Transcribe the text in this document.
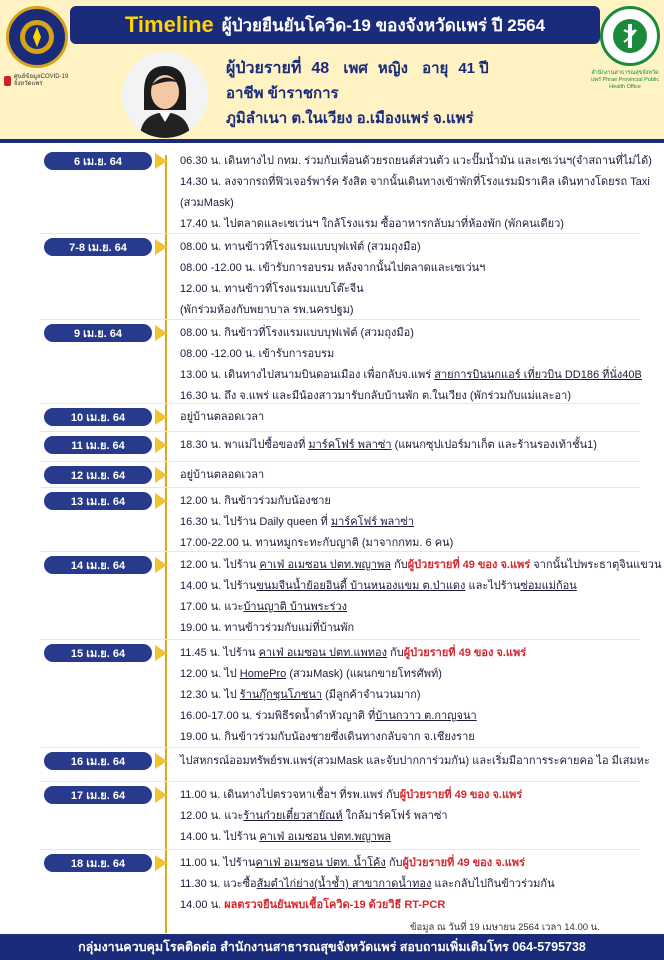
ศูนย์ข้อมูลCOVID-19 จังหวัดแพร่
Timeline ผู้ป่วยยืนยันโควิด-19 ของจังหวัดแพร่ ปี 2564
สำนักงานสาธารณสุขจังหวัดแพร่ Phrae Provincial Public Health Office
ผู้ป่วยรายที่ 48 เพศ หญิง อายุ 41 ปี
อาชีพ ข้าราชการ
ภูมิลำเนา ต.ในเวียง อ.เมืองแพร่ จ.แพร่
6 เม.ย. 64	06.30 น. เดินทางไป กทม. ร่วมกับเพื่อนด้วยรถยนต์ส่วนตัว แวะปั๊มน้ำมัน และเซเว่นฯ(จำสถานที่ไม่ได้)
14.30 น. ลงจากรถที่ฟิวเจอร์พาร์ค รังสิต จากนั้นเดินทางเข้าพักที่โรงแรมมิราเคิล เดินทางโดยรถ Taxi
(สวมMask)
17.40 น. ไปตลาดและเซเว่นฯ ใกล้โรงแรม ซื้ออาหารกลับมาที่ห้องพัก (พักคนเดียว)
7-8 เม.ย. 64	08.00 น. ทานข้าวที่โรงแรมแบบบุฟเฟ่ต์ (สวมถุงมือ)
08.00 -12.00 น. เข้ารับการอบรม หลังจากนั้นไปตลาดและเซเว่นฯ
12.00 น. ทานข้าวที่โรงแรมแบบโต๊ะจีน
(พักร่วมห้องกับพยาบาล รพ.นครปฐม)
9 เม.ย. 64	08.00 น. กินข้าวที่โรงแรมแบบบุฟเฟ่ต์ (สวมถุงมือ)
08.00 -12.00 น. เข้ารับการอบรม
13.00 น. เดินทางไปสนามบินดอนเมือง เพื่อกลับจ.แพร่ สายการบินนกแอร์ เที่ยวบิน DD186 ที่นั่ง40B
16.30 น. ถึง จ.แพร่ และมีน้องสาวมารับกลับบ้านพัก ต.ในเวียง (พักร่วมกับแม่และอา)
10 เม.ย. 64	อยู่บ้านตลอดเวลา
11 เม.ย. 64	18.30 น. พาแม่ไปซื้อของที่ มาร์คโฟร์ พลาซ่า (แผนกซุปเปอร์มาเก็ต และร้านรองเท้าชั้น1)
12 เม.ย. 64	อยู่บ้านตลอดเวลา
13 เม.ย. 64	12.00 น. กินข้าวร่วมกับน้องชาย
16.30 น. ไปร้าน Daily queen ที่ มาร์คโฟร์ พลาซ่า
17.00-22.00 น. ทานหมูกระทะกับญาติ (มาจากกทม. 6 คน)
14 เม.ย. 64	12.00 น. ไปร้าน คาเฟ่ อเมซอน ปตท.พญาพล กับผู้ป่วยรายที่ 49 ของ จ.แพร่ จากนั้นไปพระธาตุจินแขวน
14.00 น. ไปร้านขนมจีนน้ำย้อยอินดี้ บ้านหนองแขม ต.ป่าแดง และไปร้านซ่อมแม่ก้อน
17.00 น. แวะบ้านญาติ บ้านพระร่วง
19.00 น. ทานข้าวร่วมกับแม่ที่บ้านพัก
15 เม.ย. 64	11.45 น. ไปร้าน คาเฟ่ อเมซอน ปตท.แพทอง กับผู้ป่วยรายที่ 49 ของ จ.แพร่
12.00 น. ไป HomePro (สวมMask) (แผนกขายโทรศัพท์)
12.30 น. ไป ร้านกุ๊กชุนโภชนา (มีลูกค้าจำนวนมาก)
16.00-17.00 น. ร่วมพิธีรดน้ำดำหัวญาติ ที่บ้านกวาว ต.กาญจนา
19.00 น. กินข้าวร่วมกับน้องชายซึ่งเดินทางกลับจาก จ.เชียงราย
16 เม.ย. 64	ไปสหกรณ์ออมทรัพย์รพ.แพร่(สวมMask และจับปากการ่วมกัน) และเริ่มมีอาการระคายคอ ไอ มีเสมหะ
17 เม.ย. 64	11.00 น. เดินทางไปตรวจหาเชื้อฯ ที่รพ.แพร่ กับผู้ป่วยรายที่ 49 ของ จ.แพร่
12.00 น. แวะร้านก๋วยเตี๋ยวสายัณห์ ใกล้มาร์คโฟร์ พลาซ่า
14.00 น. ไปร้าน คาเฟ่ อเมซอน ปตท.พญาพล
18 เม.ย. 64	11.00 น. ไปร้านคาเฟ่ อเมซอน ปตท. น้ำโค้ง กับผู้ป่วยรายที่ 49 ของ จ.แพร่
11.30 น. แวะซื้อส้มตำไก่ย่าง(น้ำช้ำ) สาขากาดน้ำทอง และกลับไปกินข้าวร่วมกัน
14.00 น. ผลตรวจยืนยันพบเชื้อโควิด-19 ด้วยวิธี RT-PCR
ข้อมูล ณ วันที่ 19 เมษายน 2564 เวลา 14.00 น.
กลุ่มงานควบคุมโรคติดต่อ สำนักงานสาธารณสุขจังหวัดแพร่ สอบถามเพิ่มเติมโทร 064-5795738
